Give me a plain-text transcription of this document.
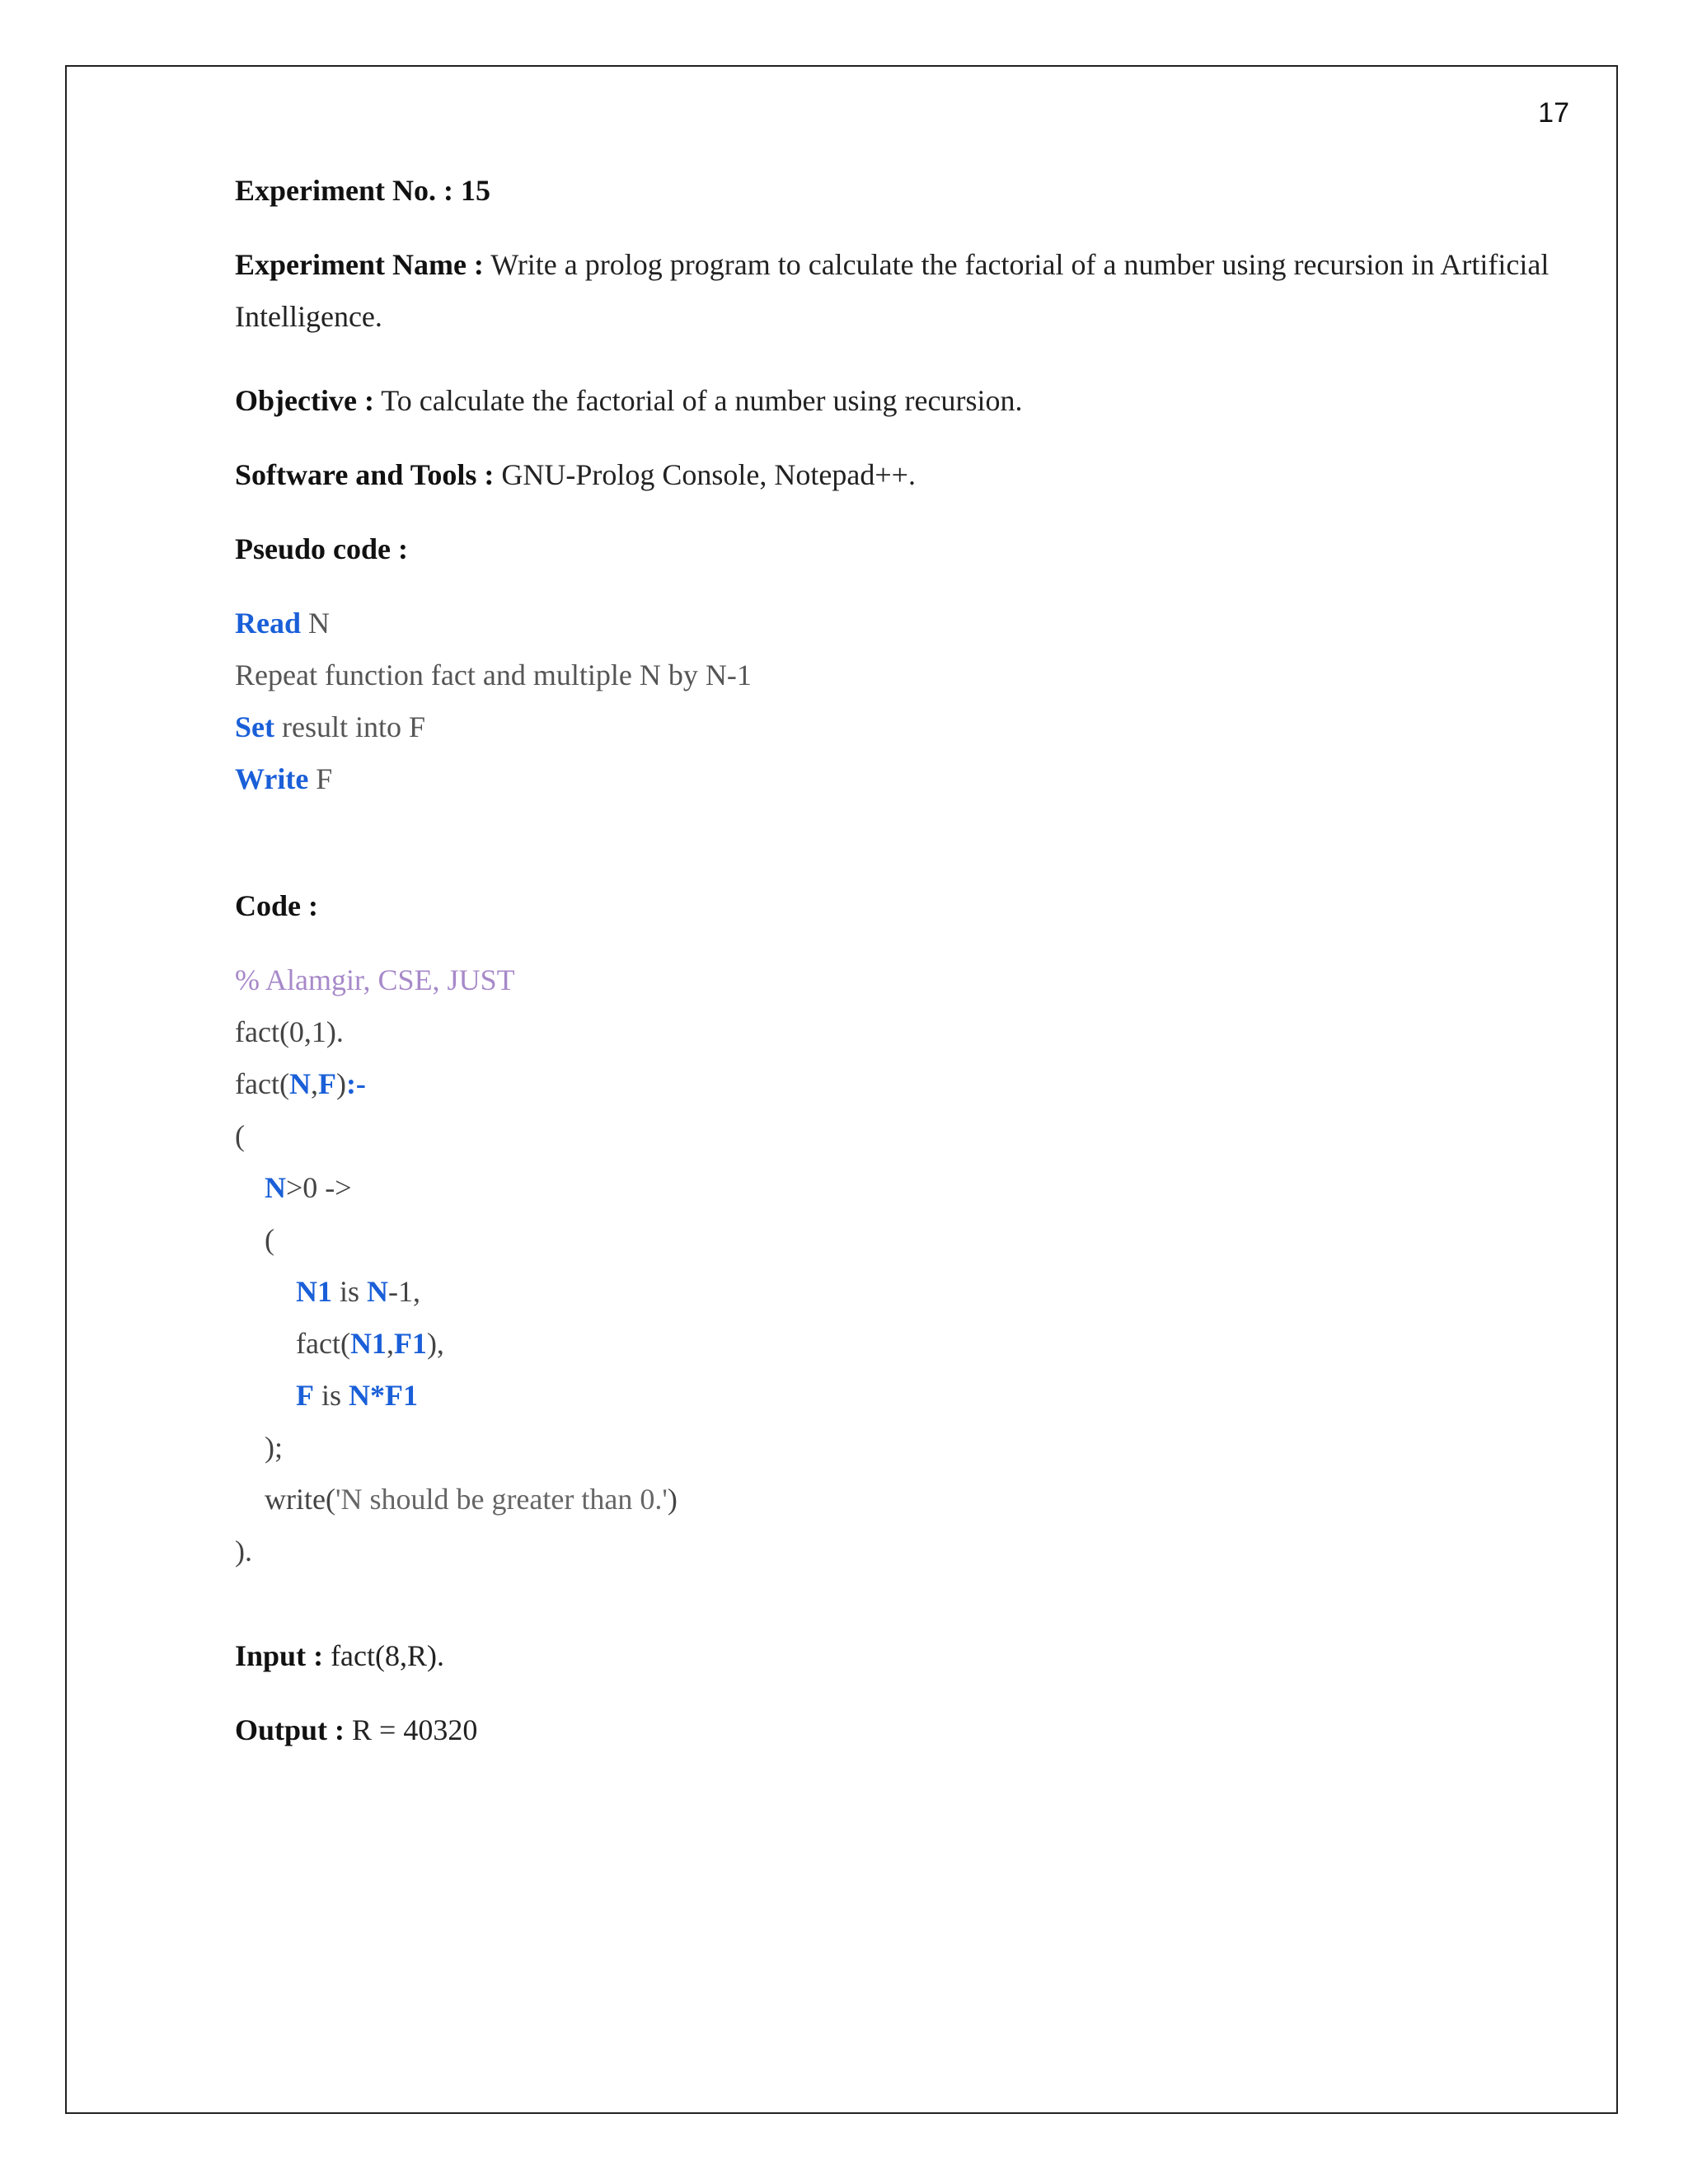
17
Experiment No. : 15
Experiment Name : Write a prolog program to calculate the factorial of a number using recursion in Artificial Intelligence.
Objective : To calculate the factorial of a number using recursion.
Software and Tools : GNU-Prolog Console, Notepad++.
Pseudo code :
Read N
Repeat function fact and multiple N by N-1
Set result into F
Write F
Code :
% Alamgir, CSE, JUST
fact(0,1).
fact(N,F):-
(
N>0 ->
(
N1 is N-1,
fact(N1,F1),
F is N*F1
);
write('N should be greater than 0.')
).
Input : fact(8,R).
Output : R = 40320
